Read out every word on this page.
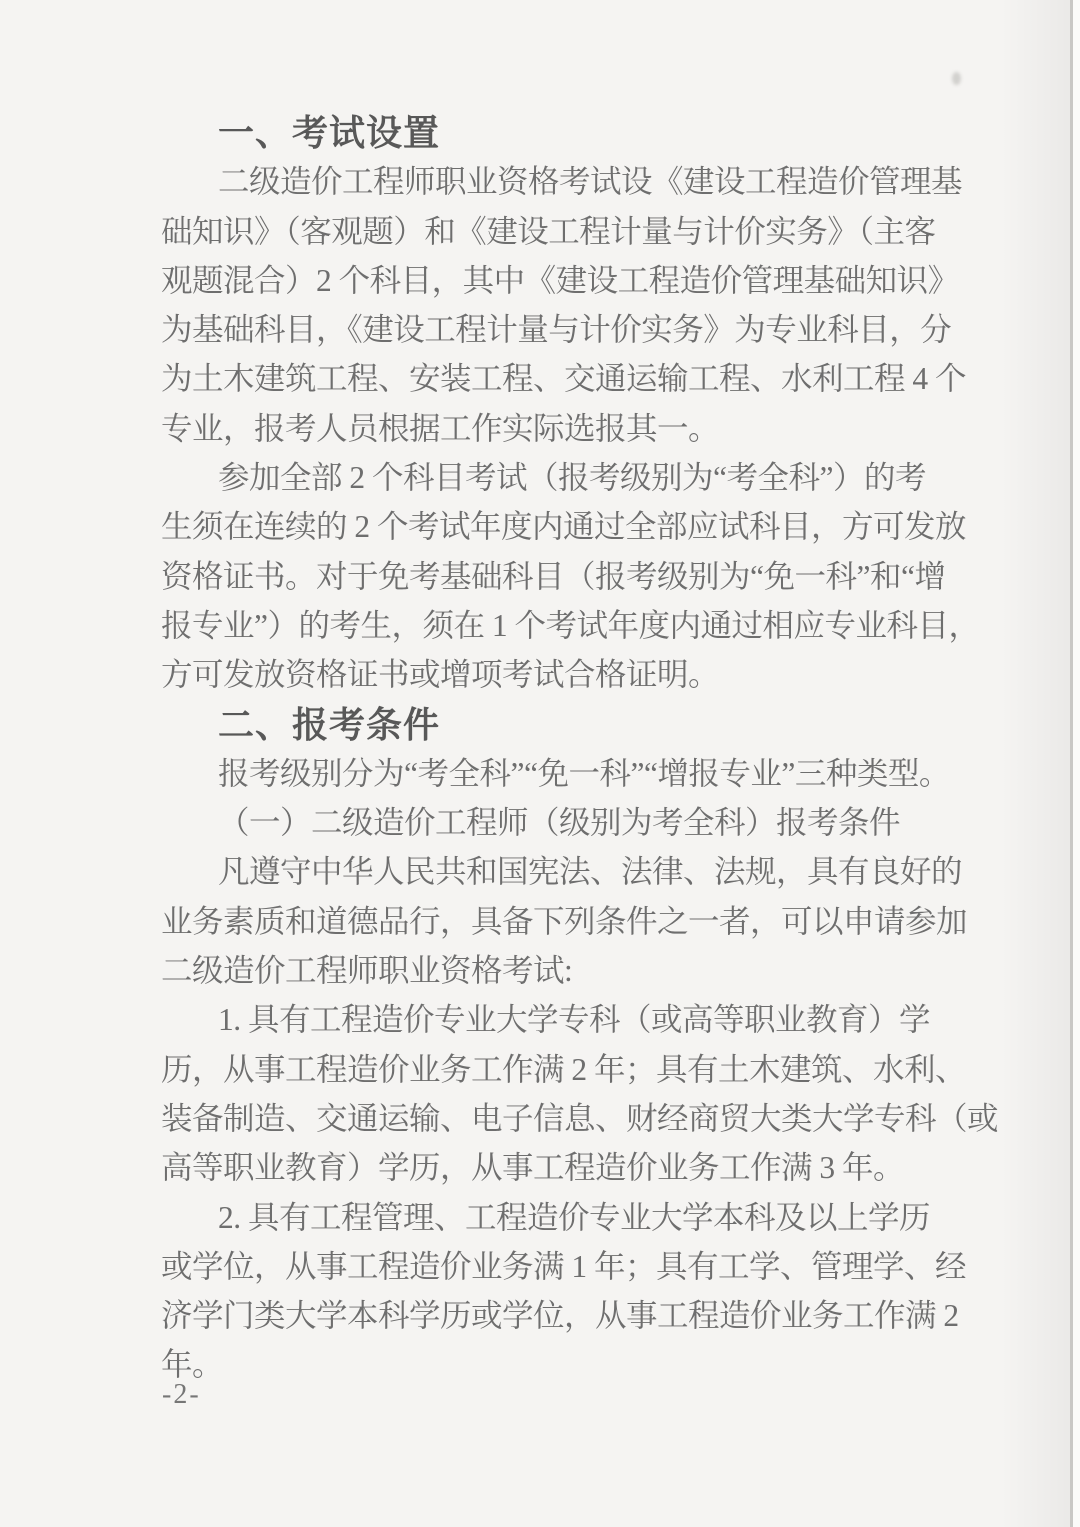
一、考试设置
二级造价工程师职业资格考试设《建设工程造价管理基
础知识》（客观题）和《建设工程计量与计价实务》（主客
观题混合）2 个科目，其中《建设工程造价管理基础知识》
为基础科目，《建设工程计量与计价实务》为专业科目，分
为土木建筑工程、安装工程、交通运输工程、水利工程 4 个
专业，报考人员根据工作实际选报其一。
参加全部 2 个科目考试（报考级别为“考全科”）的考
生须在连续的 2 个考试年度内通过全部应试科目，方可发放
资格证书。对于免考基础科目（报考级别为“免一科”和“增
报专业”）的考生，须在 1 个考试年度内通过相应专业科目，
方可发放资格证书或增项考试合格证明。
二、报考条件
报考级别分为“考全科”“免一科”“增报专业”三种类型。
（一）二级造价工程师（级别为考全科）报考条件
凡遵守中华人民共和国宪法、法律、法规，具有良好的
业务素质和道德品行，具备下列条件之一者，可以申请参加
二级造价工程师职业资格考试:
1. 具有工程造价专业大学专科（或高等职业教育）学
历，从事工程造价业务工作满 2 年；具有土木建筑、水利、
装备制造、交通运输、电子信息、财经商贸大类大学专科（或
高等职业教育）学历，从事工程造价业务工作满 3 年。
2. 具有工程管理、工程造价专业大学本科及以上学历
或学位，从事工程造价业务满 1 年；具有工学、管理学、经
济学门类大学本科学历或学位，从事工程造价业务工作满 2
年。
-2-
